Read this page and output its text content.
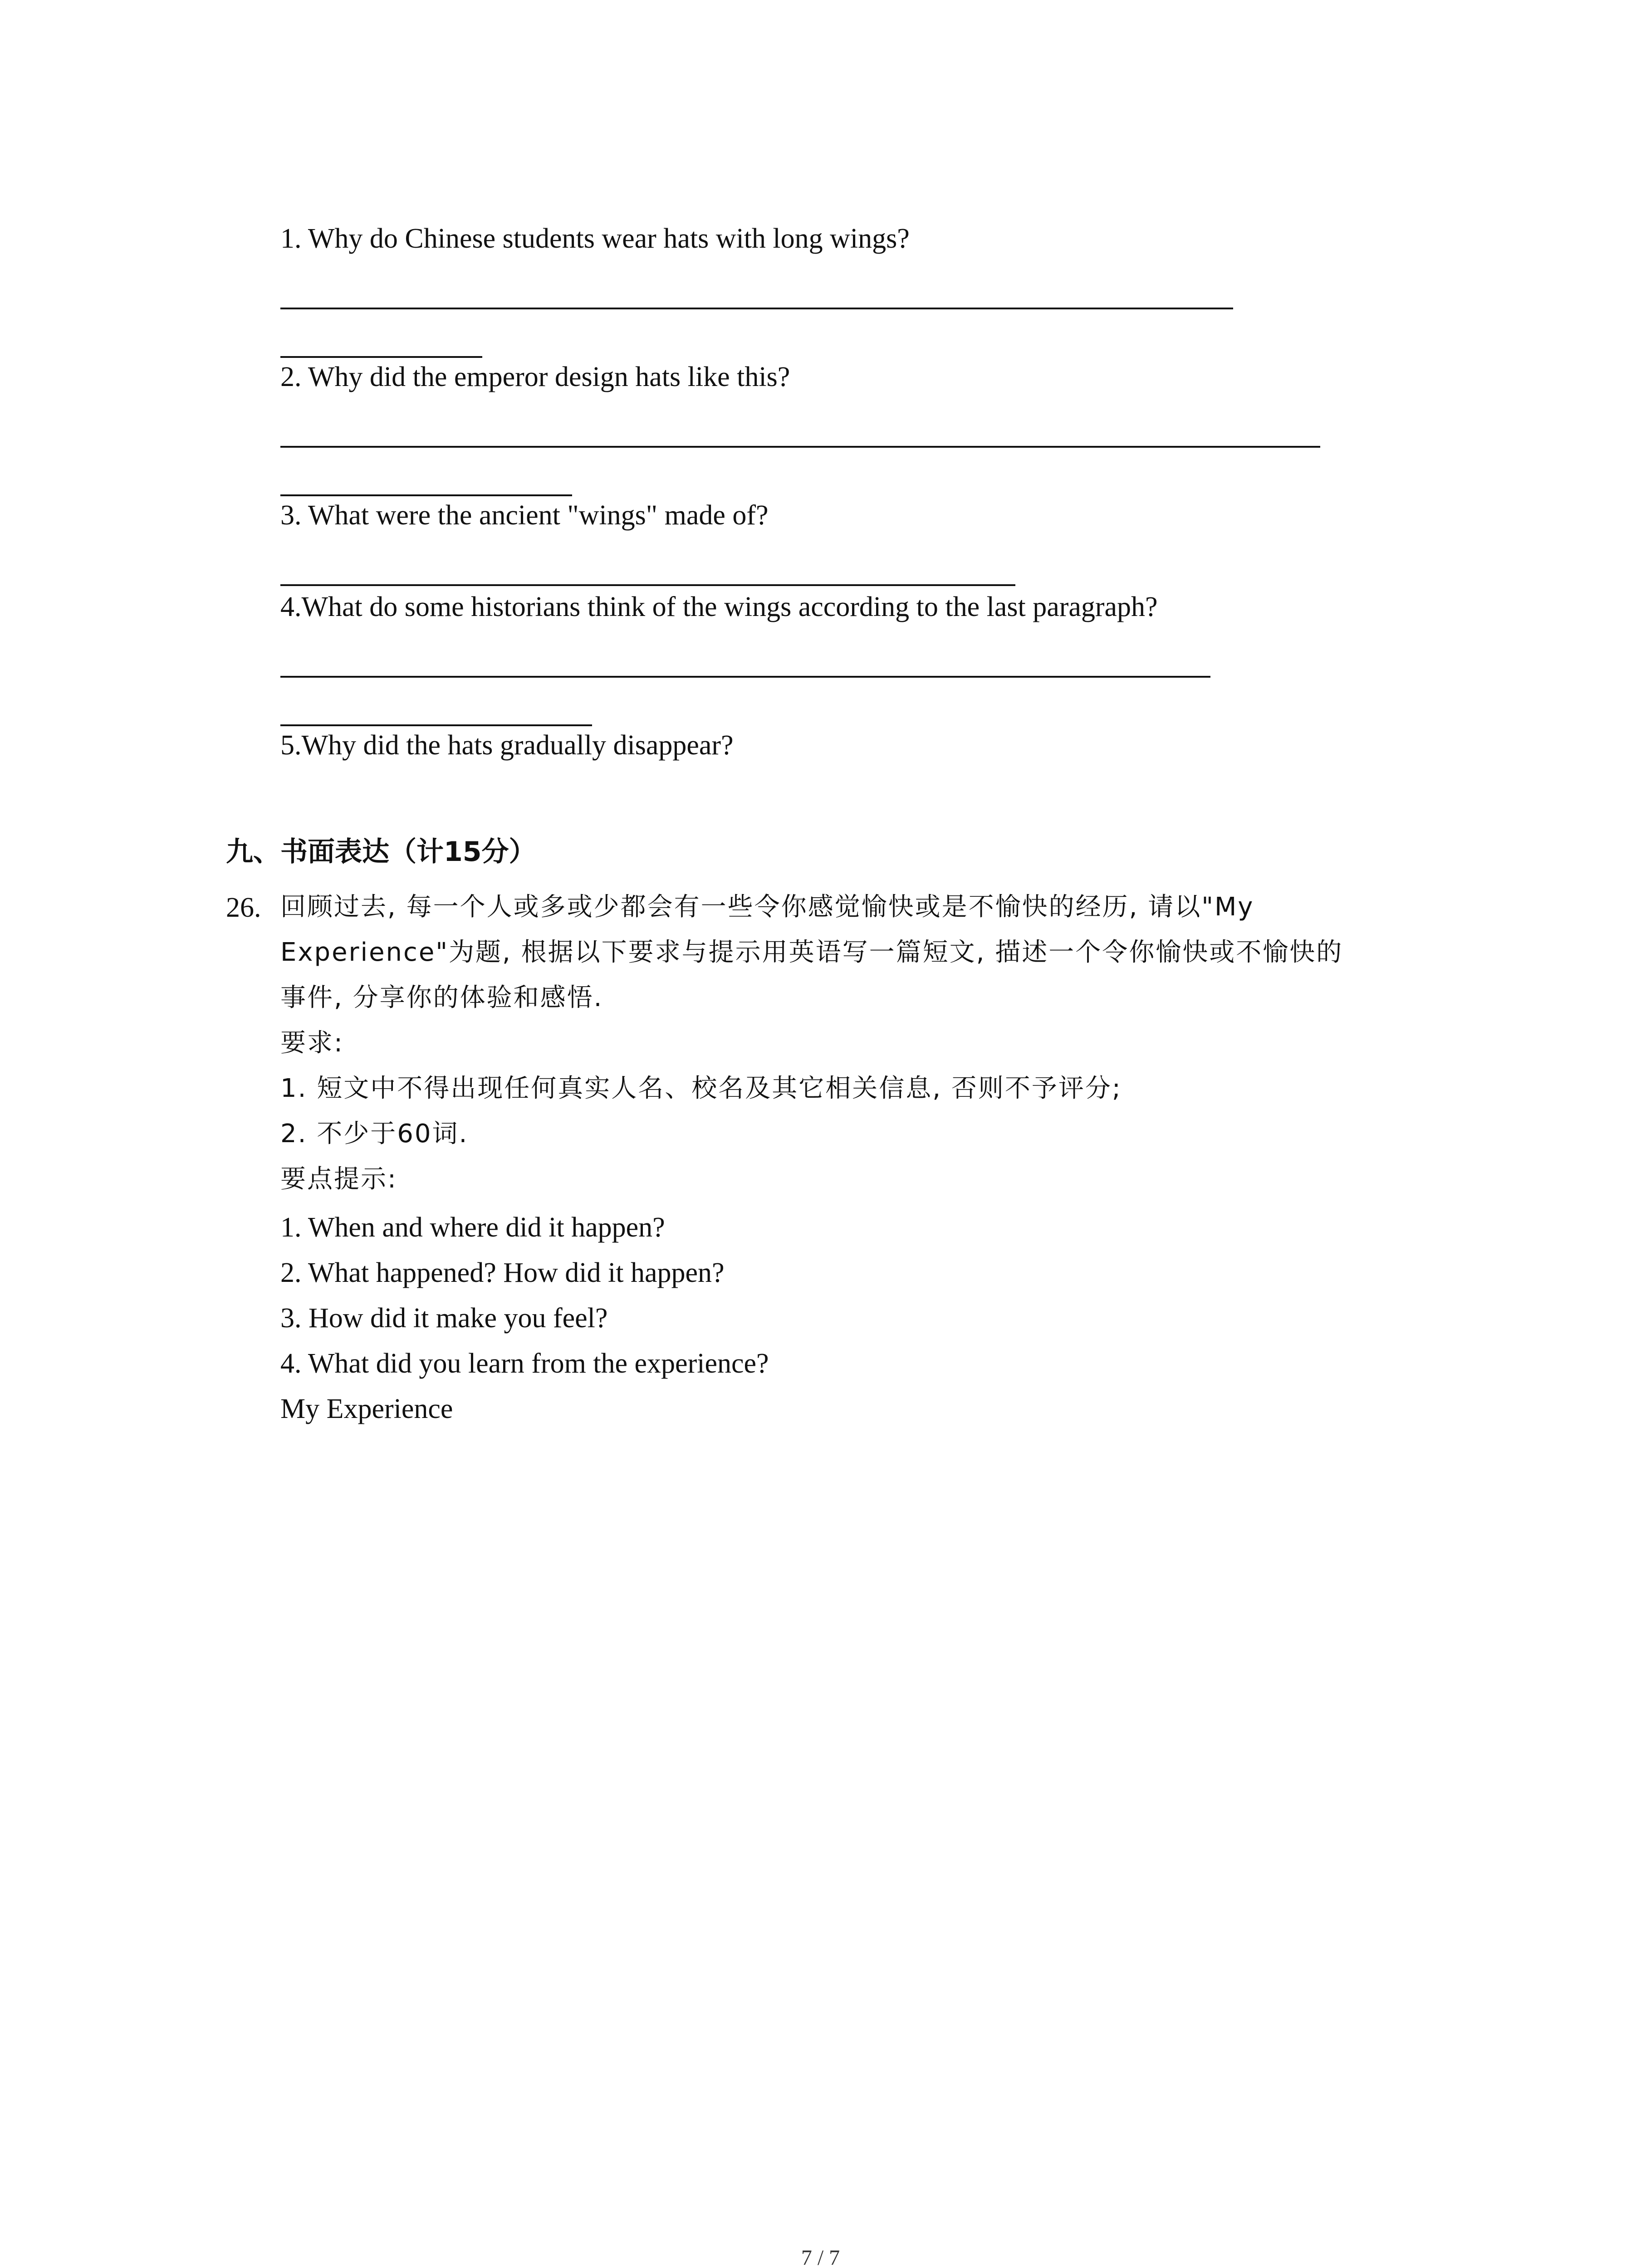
1. Why do Chinese students wear hats with long wings?
2. Why did the emperor design hats like this?
3. What were the ancient "wings" made of?
4.What do some historians think of the wings according to the last paragraph?
5.Why did the hats gradually disappear?
九、书面表达（计15分）
26. 回顾过去, 每一个人或多或少都会有一些令你感觉愉快或是不愉快的经历, 请以"My
Experience"为题, 根据以下要求与提示用英语写一篇短文, 描述一个令你愉快或不愉快的
事件, 分享你的体验和感悟.
要求:
1. 短文中不得出现任何真实人名、校名及其它相关信息, 否则不予评分;
2. 不少于60词.
要点提示:
1. When and where did it happen?
2. What happened? How did it happen?
3. How did it make you feel?
4. What did you learn from the experience?
My Experience
7 / 7
